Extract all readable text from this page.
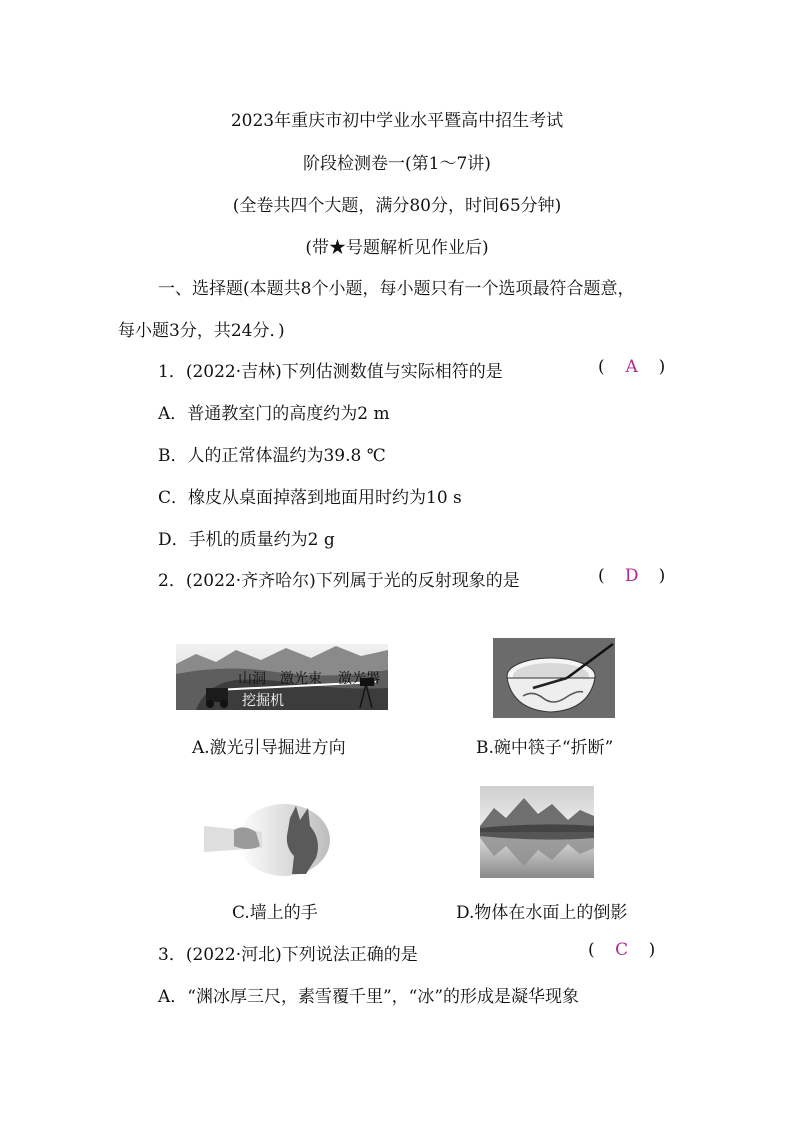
2023年重庆市初中学业水平暨高中招生考试
阶段检测卷一(第1～7讲)
(全卷共四个大题，满分80分，时间65分钟)
(带★号题解析见作业后)
一、选择题(本题共8个小题，每小题只有一个选项最符合题意，
每小题3分，共24分．)
1．(2022·吉林)下列估测数值与实际相符的是	( A )
A．普通教室门的高度约为2 m
B．人的正常体温约为39.8 ℃
C．橡皮从桌面掉落到地面用时约为10 s
D．手机的质量约为2 g
2．(2022·齐齐哈尔)下列属于光的反射现象的是	( D )
山洞 激光束 激光器
挖掘机
A.激光引导掘进方向	B.碗中筷子“折断”
C.墙上的手	D.物体在水面上的倒影
3．(2022·河北)下列说法正确的是	( C )
A．“渊冰厚三尺，素雪覆千里”，“冰”的形成是凝华现象
